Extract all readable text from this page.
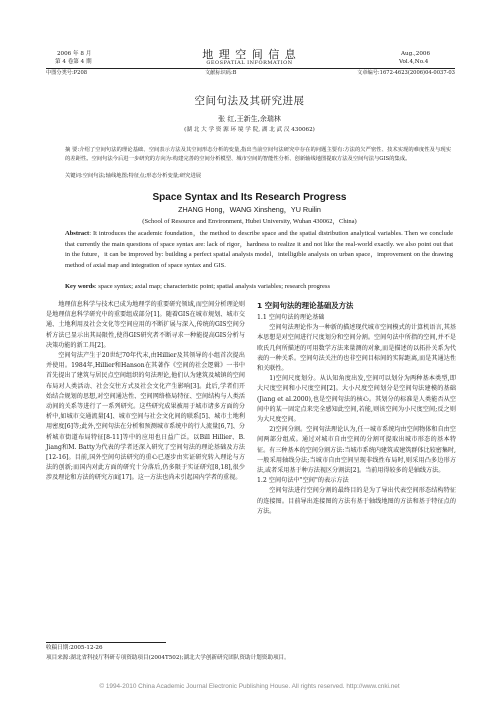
2006 年 8 月
第 4 卷第 4 期
地 理 空 间 信 息
GEOSPATIAL INFORMATION
Aug.,2006
Vol.4,No.4
中图分类号:P208	文献标识码:B	文章编号:1672-4623(2006)04-0037-03
空间句法及其研究进展
张 红,王新生,余瑞林
(湖 北 大 学 资 源 环 境 学 院, 湖 北 武 汉 430062)
摘 要:介绍了空间句法的理论基础、空间表示方法及其空间形态分析的变量,指出当前空间句法研究中存在的问题主要有:方法的欠严密性、技术实现的难度性及与现实的差距性。空间句法今后进一步研究的方向为:构建完善的空间分析模型、城市空间的智能性分析、创新轴线地图提取方法及空间句法与GIS的集成。
关键词:空间句法;轴线地图;特征点;形态分析变量;研究进展
Space Syntax and Its Research Progress
ZHANG Hong，WANG Xinsheng，YU Ruilin
(School of Resource and Environment, Hubei University, Wuhan 430062，China)
Abstract: It introduces the academic foundation，the method to describe space and the spatial distribution analytical variables. Then we conclude that currently the main questions of space syntax are: lack of rigor，hardness to realize it and not like the real-world exactly. we also point out that in the future，it can be improved by: building a perfect spatial analysis model，intelligible analysis on urban space，improvement on the drawing method of axial map and integration of space syntax and GIS.
Key words: space syntax; axial map; characteristic point; spatial analysis variables; research progress

地理信息科学与技术已成为地理学的重要研究领域,而空间分析理论则是地理信息科学研究中的重要组成部分[1]。随着GIS在城市规划、城市交通、土地利用及社会文化等空间应用的不断扩展与深入,传统的GIS空间分析方法已显示出其局限性,使得GIS研究者不断寻求一种能提高GIS分析与决策功能的新工具[2]。

空间句法产生于20世纪70年代末,由Hillier及其领导的小组首次提出并使用。1984年,Hillier和Hanson在其著作《空间的社会逻辑》一书中首先提出了建筑与居民点空间组织的句法理论,他们认为建筑及城镇的空间布局对人类活动、社会交往方式及社会文化产生影响[3]。此后,学者们开始结合规划的思想,对空间通达性、空间网络格局特征、空间结构与人类活动间的关系等进行了一系列研究。这些研究成果被用于城市诸多方面的分析中,如城市交通流量[4]、城市空间与社会文化间的联系[5]、城市土地利用密度[6]等;此外,空间句法在分析和预测城市系统中的行人流量[6,7]、分析城市街道布局特征[8-11]等中的应用也日益广泛。以Bill Hillier、B. Jiang和M. Batty为代表的学者还深入研究了空间句法的理论基础及方法[12-16]。目前,国外空间句法研究的重心已逐步由实证研究转入理论与方法的创新;而国内对此方面的研究十分落后,仍多限于实证研究[8,18],很少涉及理论和方法的研究方面[17]。这一方法也尚未引起国内学者的重视。

1 空间句法的理论基础及方法
1.1 空间句法的理论基础

空间句法理论作为一种新的描述现代城市空间模式的计算机语言,其基本思想是对空间进行尺度划分和空间分割。空间句法中所指的空间,并不是欧氏几何所描述的可用数学方法来量测的对象,而是描述的以拓扑关系为代表的一种关系。空间句法关注的也非空间目标间的实际距离,而是其通达性和关联性。

1)空间尺度划分。从认知角度出发,空间可以划分为两种基本类型,即大尺度空间和小尺度空间[2]。大小尺度空间划分是空间句法建模的基础(Jiang et al.2000),也是空间句法的核心。其划分的标准是人类能否从空间中的某一固定点来完全感知此空间,若能,则该空间为小尺度空间;反之则为大尺度空间。

2)空间分割。空间句法理论认为,任一城市系统均由空间物体和自由空间两部分组成。通过对城市自由空间的分割可提取出城市形态的基本特征。有三种基本的空间分割方法:当城市系统内建筑或建筑群体比较密集时,一般采用轴线分法;当城市自由空间呈现非线性布局时,则采用凸多边形方法,或者采用基于种方法视区分割法[2]。当前用得较多的是轴线方法。

1.2 空间句法中"空间"的表示方法

空间句法进行空间分割的最终目的是为了导出代表空间形态结构特征的连接图。目前导出连接图的方法有基于轴线地图的方法和基于特征点的方法。

收稿日期:2005-12-26
项目来源:湖北省科技厅科研专项资助项目(2004T502);湖北大学创新研究团队资助计划资助项目。
© 1994-2010 China Academic Journal Electronic Publishing House. All rights reserved. http://www.cnki.net
